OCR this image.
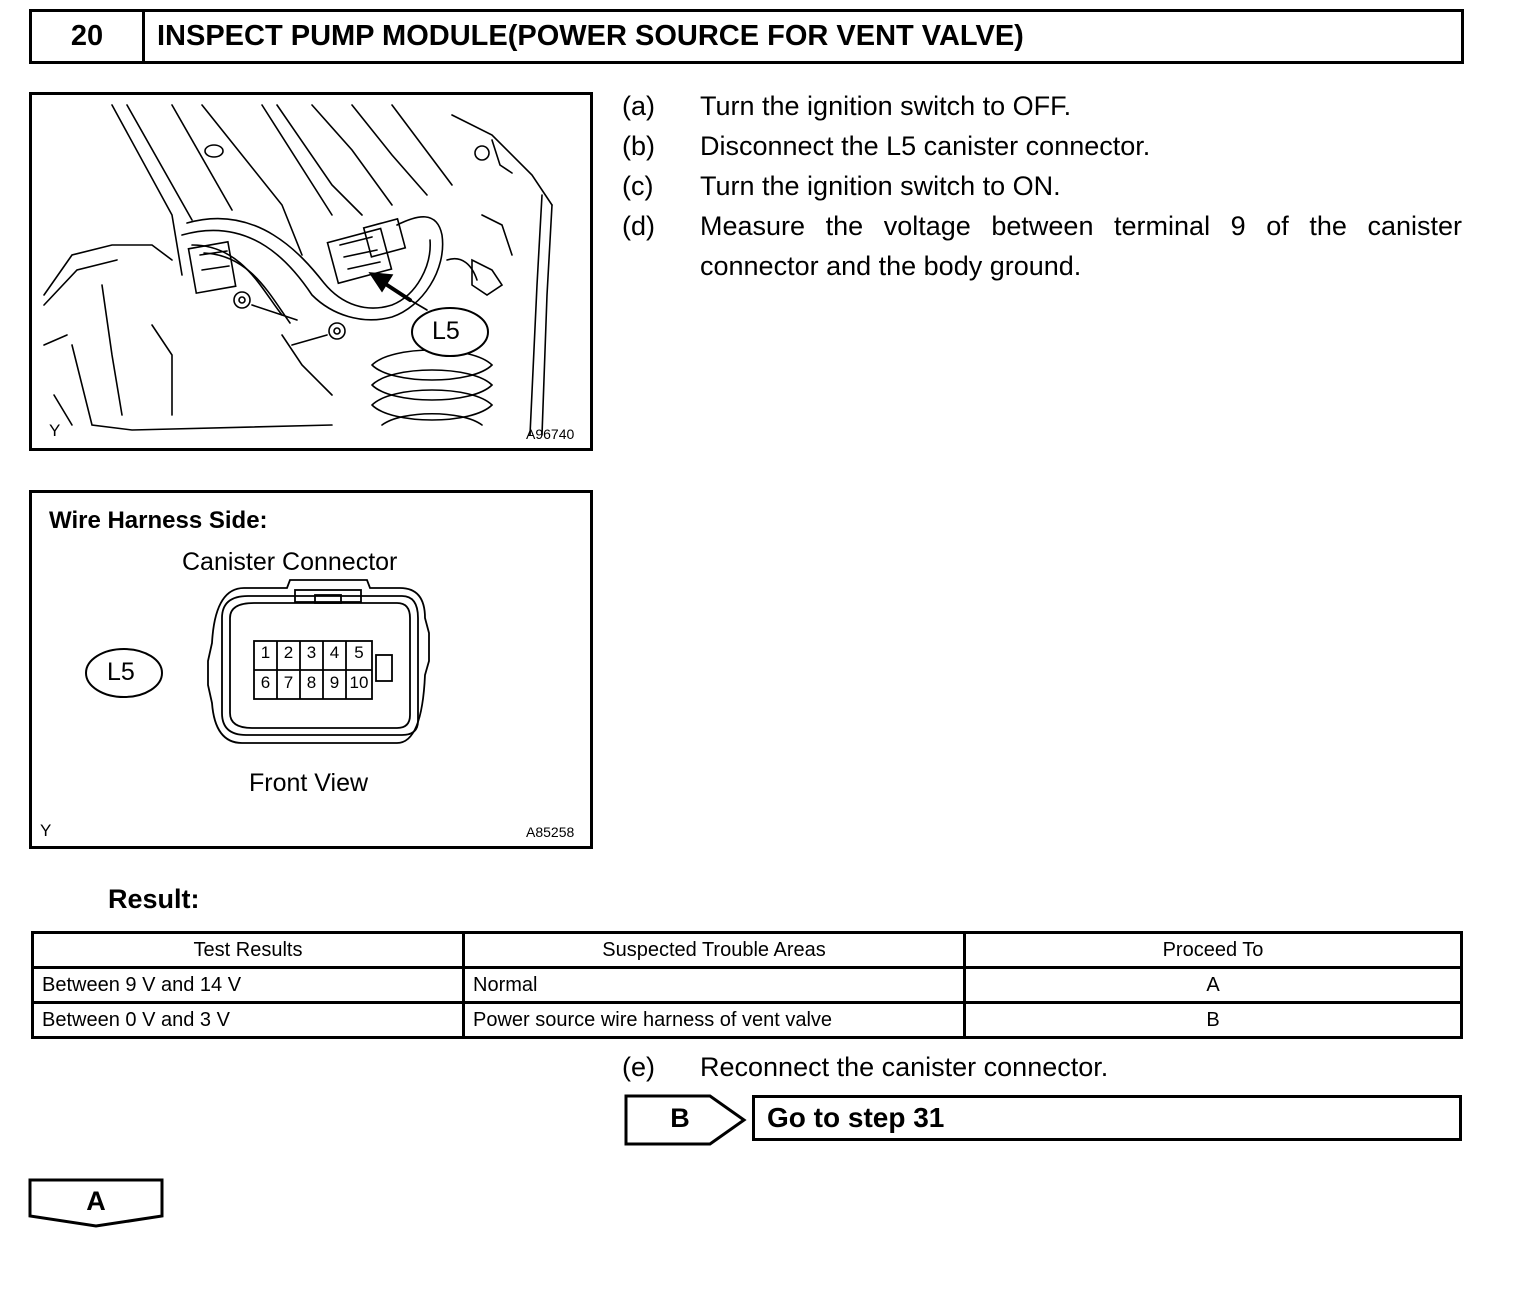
20	INSPECT PUMP MODULE(POWER SOURCE FOR VENT VALVE)
L5
Y	A96740
Wire Harness Side:
Canister Connector
1 2 3 4 5
6 7 8 9 10
L5
Front View
Y	A85258
(a)	Turn the ignition switch to OFF.
(b)	Disconnect the L5 canister connector.
(c)	Turn the ignition switch to ON.
(d)	Measure the voltage between terminal 9 of the canister connector and the body ground.
Result:
Test Results	Suspected Trouble Areas	Proceed To
Between 9 V and 14 V	Normal	A
Between 0 V and 3 V	Power source wire harness of vent valve	B
(e)	Reconnect the canister connector.
B	Go to step 31
A
